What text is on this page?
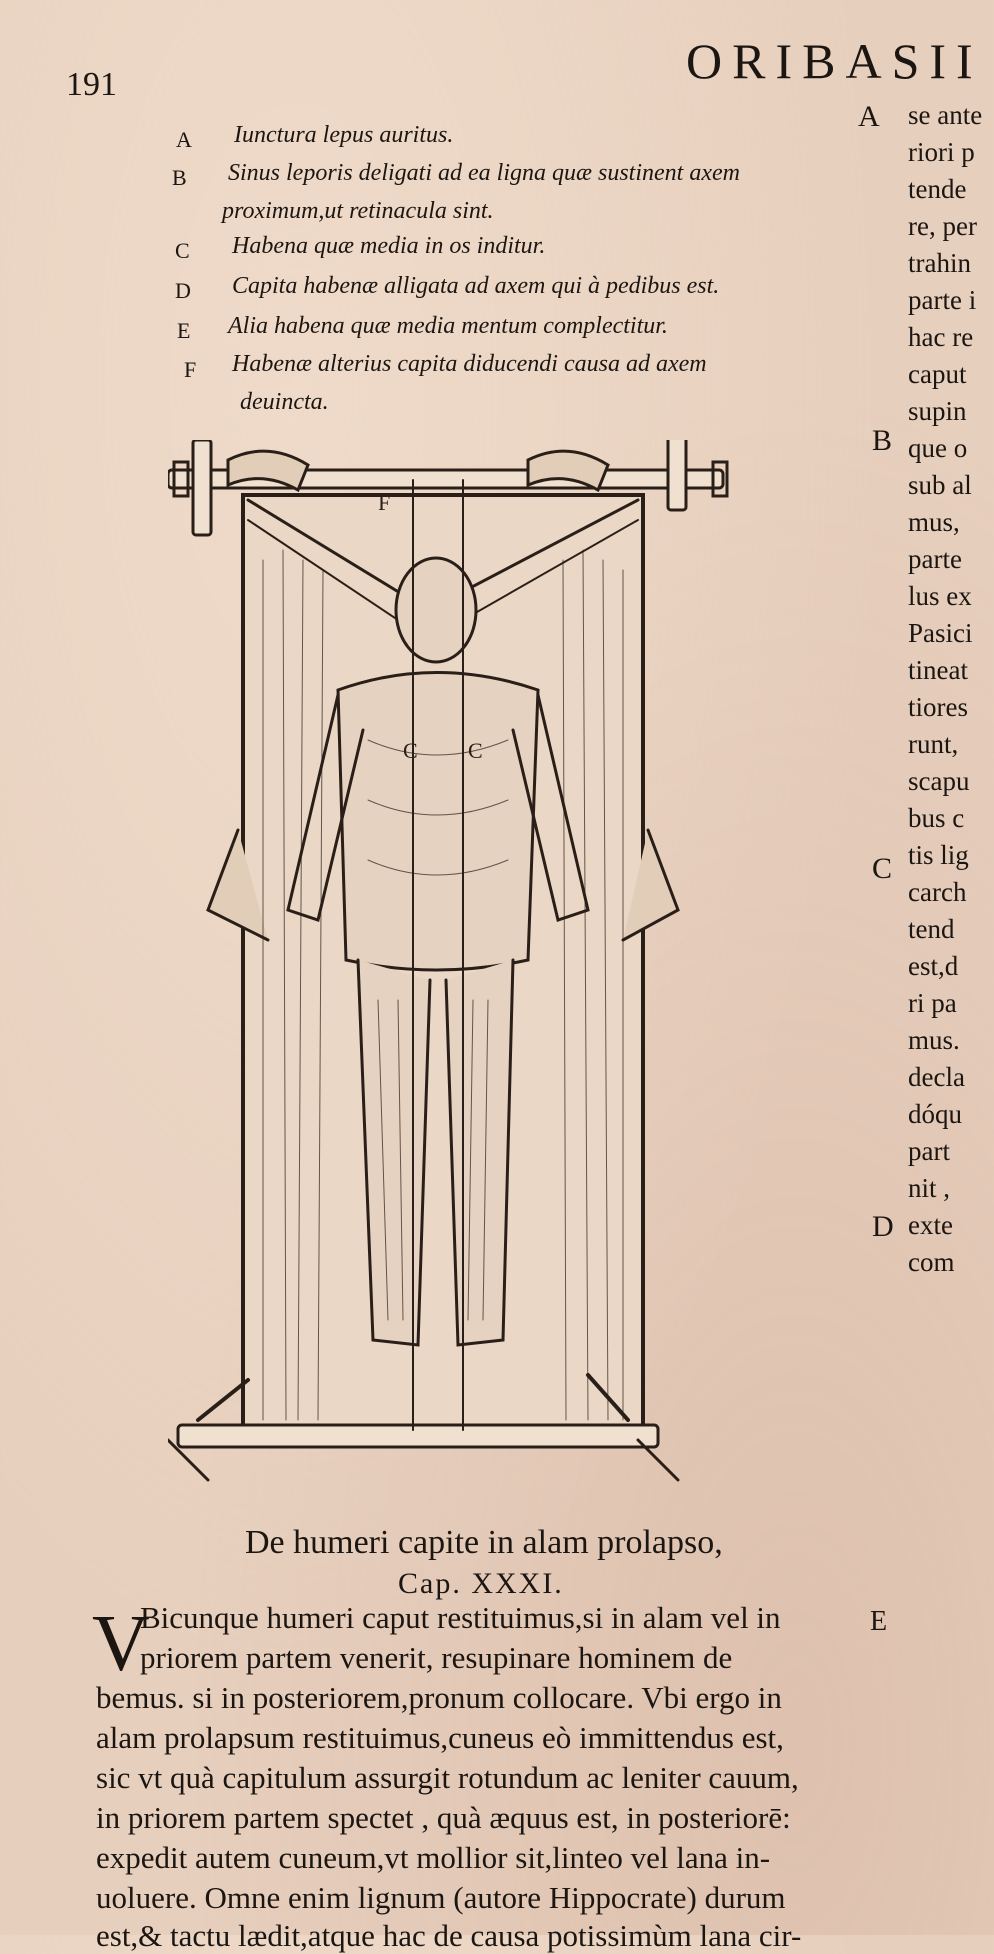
191	ORIBASII
A Iunctura lepus auritus.
B Sinus leporis deligati ad ea ligna quæ sustinent axem
proximum,ut retinacula sint.
C Habena quæ media in os inditur.
D Capita habenæ alligata ad axem qui à pedibus est.
E Alia habena quæ media mentum complectitur.
F Habenæ alterius capita diducendi causa ad axem
deuincta.
A
B
C
D
se ante
riori p
tende
re, per
trahin
parte i
hac re
caput
supin
que o
sub al
mus,
parte
lus ex
Pasici
tineat
tiores
runt,
scapu
bus c
tis lig
carch
tend
est,d
ri pa
mus.
decla
dóqu
part
nit ,
exte
com
F
C C
De humeri capite in alam prolapso,
Cap. XXXI.
V	E
Bicunque humeri caput restituimus,si in alam vel in
priorem partem venerit, resupinare hominem de
bemus. si in posteriorem,pronum collocare. Vbi ergo in
alam prolapsum restituimus,cuneus eò immittendus est,
sic vt quà capitulum assurgit rotundum ac leniter cauum,
in priorem partem spectet , quà æquus est, in posteriorē:
expedit autem cuneum,vt mollior sit,linteo vel lana in-
uoluere. Omne enim lignum (autore Hippocrate) durum
est,& tactu lædit,atque hac de causa potissimùm lana cir-
